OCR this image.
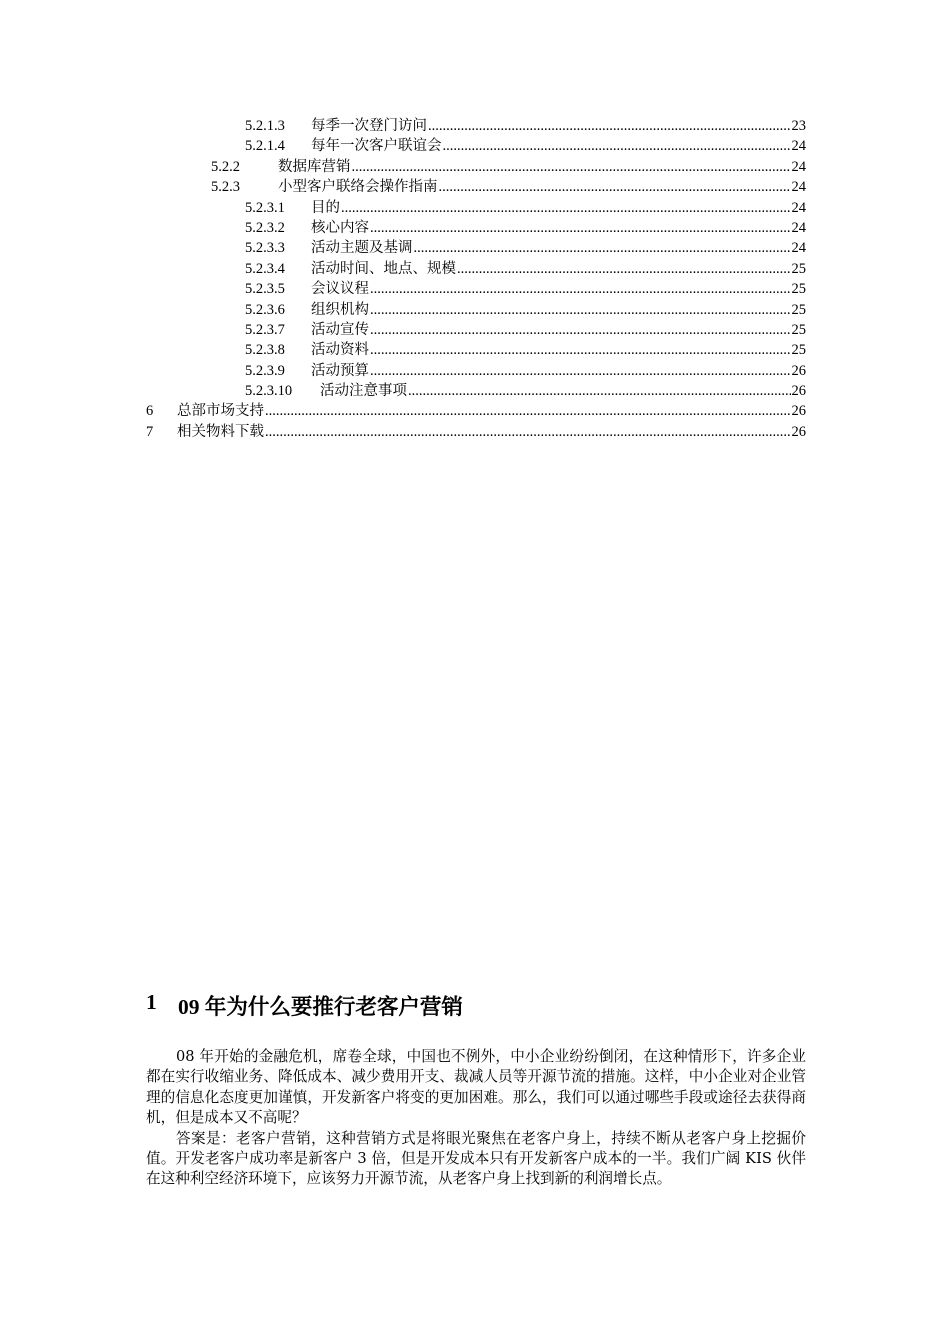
5.2.1.3	每季一次登门访问 .....	23
5.2.1.4	每年一次客户联谊会 .....	24
5.2.2	数据库营销 .....	24
5.2.3	小型客户联络会操作指南 .....	24
5.2.3.1	目的 .....	24
5.2.3.2	核心内容 .....	24
5.2.3.3	活动主题及基调 .....	24
5.2.3.4	活动时间、地点、规模 .....	25
5.2.3.5	会议议程 .....	25
5.2.3.6	组织机构 .....	25
5.2.3.7	活动宣传 .....	25
5.2.3.8	活动资料 .....	25
5.2.3.9	活动预算 .....	26
5.2.3.10	活动注意事项 .....	26
6	总部市场支持 .....	26
7	相关物料下载 .....	26
1 09 年为什么要推行老客户营销

08 年开始的金融危机，席卷全球，中国也不例外，中小企业纷纷倒闭，在这种情形下，许多企业都在实行收缩业务、降低成本、减少费用开支、裁减人员等开源节流的措施。这样，中小企业对企业管理的信息化态度更加谨慎，开发新客户将变的更加困难。那么，我们可以通过哪些手段或途径去获得商机，但是成本又不高呢？

答案是：老客户营销，这种营销方式是将眼光聚焦在老客户身上，持续不断从老客户身上挖掘价值。开发老客户成功率是新客户 3 倍，但是开发成本只有开发新客户成本的一半。我们广阔 KIS 伙伴在这种利空经济环境下，应该努力开源节流，从老客户身上找到新的利润增长点。
